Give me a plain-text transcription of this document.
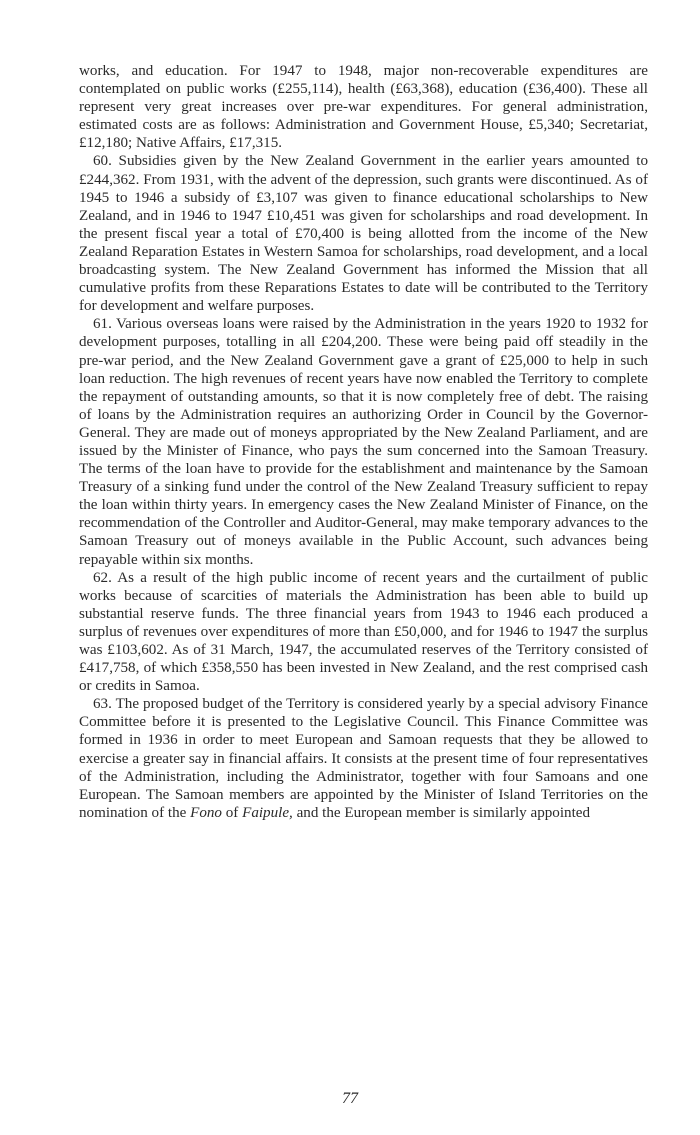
works, and education. For 1947 to 1948, major non-recoverable expenditures are contemplated on public works (£255,114), health (£63,368), education (£36,400). These all represent very great increases over pre-war expenditures. For general administration, estimated costs are as follows: Administration and Government House, £5,340; Secretariat, £12,180; Native Affairs, £17,315.

60. Subsidies given by the New Zealand Government in the earlier years amounted to £244,362. From 1931, with the advent of the depression, such grants were discontinued. As of 1945 to 1946 a subsidy of £3,107 was given to finance educational scholarships to New Zealand, and in 1946 to 1947 £10,451 was given for scholarships and road development. In the present fiscal year a total of £70,400 is being allotted from the income of the New Zealand Reparation Estates in Western Samoa for scholarships, road development, and a local broadcasting system. The New Zealand Government has informed the Mission that all cumulative profits from these Reparations Estates to date will be contributed to the Territory for development and welfare purposes.

61. Various overseas loans were raised by the Administration in the years 1920 to 1932 for development purposes, totalling in all £204,200. These were being paid off steadily in the pre-war period, and the New Zealand Government gave a grant of £25,000 to help in such loan reduction. The high revenues of recent years have now enabled the Territory to complete the repayment of outstanding amounts, so that it is now completely free of debt. The raising of loans by the Administration requires an authorizing Order in Council by the Governor-General. They are made out of moneys appropriated by the New Zealand Parliament, and are issued by the Minister of Finance, who pays the sum concerned into the Samoan Treasury. The terms of the loan have to provide for the establishment and maintenance by the Samoan Treasury of a sinking fund under the control of the New Zealand Treasury sufficient to repay the loan within thirty years. In emergency cases the New Zealand Minister of Finance, on the recommendation of the Controller and Auditor-General, may make temporary advances to the Samoan Treasury out of moneys available in the Public Account, such advances being repayable within six months.

62. As a result of the high public income of recent years and the curtailment of public works because of scarcities of materials the Administration has been able to build up substantial reserve funds. The three financial years from 1943 to 1946 each produced a surplus of revenues over expenditures of more than £50,000, and for 1946 to 1947 the surplus was £103,602. As of 31 March, 1947, the accumulated reserves of the Territory consisted of £417,758, of which £358,550 has been invested in New Zealand, and the rest comprised cash or credits in Samoa.

63. The proposed budget of the Territory is considered yearly by a special advisory Finance Committee before it is presented to the Legislative Council. This Finance Committee was formed in 1936 in order to meet European and Samoan requests that they be allowed to exercise a greater say in financial affairs. It consists at the present time of four representatives of the Administration, including the Administrator, together with four Samoans and one European. The Samoan members are appointed by the Minister of Island Territories on the nomination of the Fono of Faipule, and the European member is similarly appointed

77
